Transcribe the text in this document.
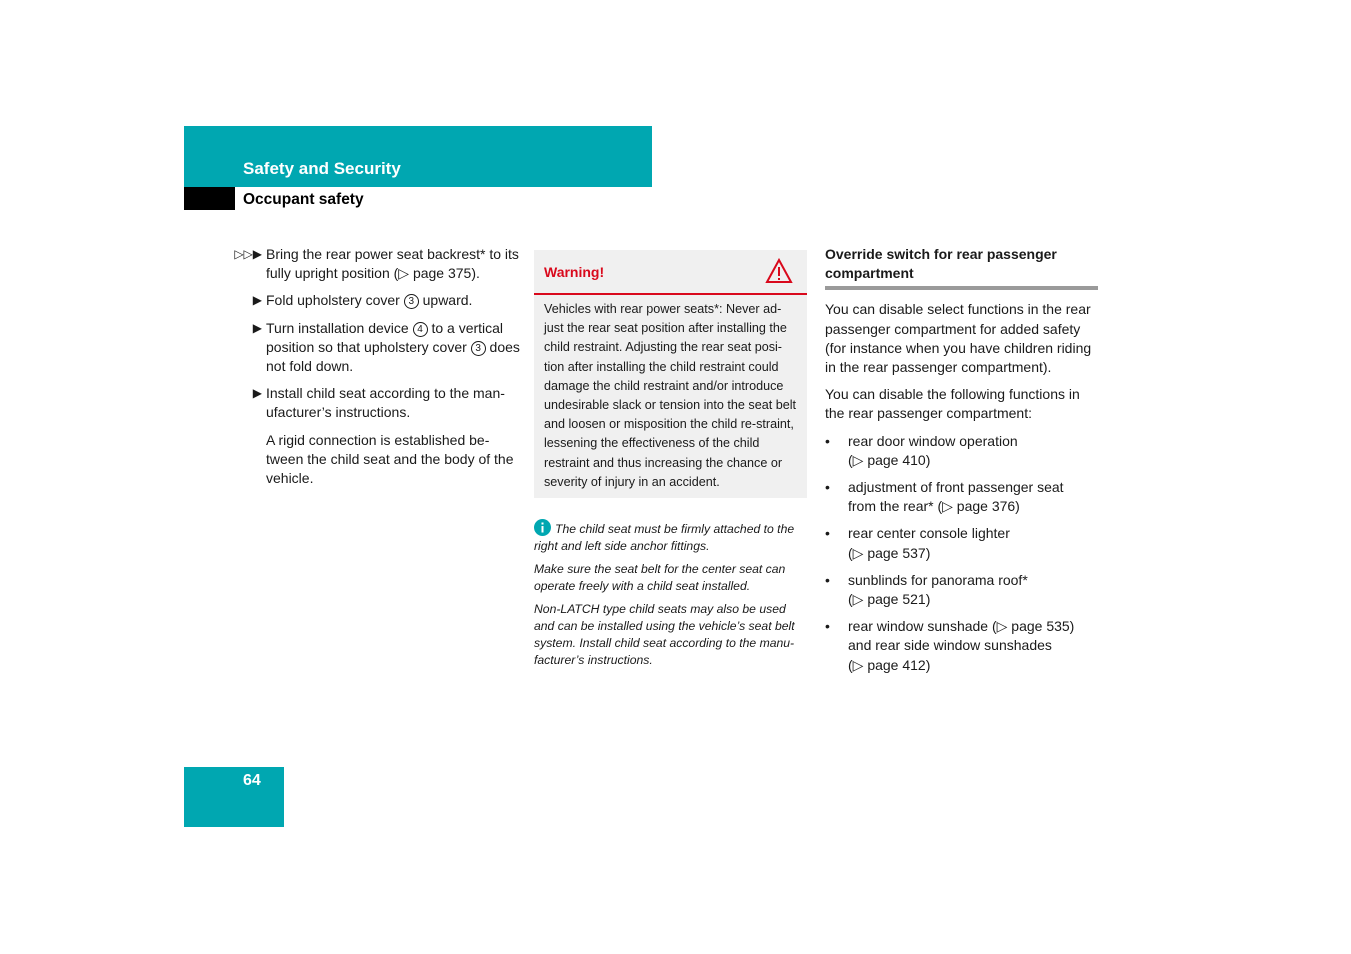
Safety and Security
Occupant safety
▷▷▶ Bring the rear power seat backrest* to its fully upright position (▷ page 375).
▶ Fold upholstery cover 3 upward.
▶ Turn installation device 4 to a vertical position so that upholstery cover 3 does not fold down.
▶ Install child seat according to the man-ufacturer’s instructions.
A rigid connection is established be-tween the child seat and the body of the vehicle.
Warning!
Vehicles with rear power seats*: Never ad-just the rear seat position after installing the child restraint. Adjusting the rear seat posi-tion after installing the child restraint could damage the child restraint and/or introduce undesirable slack or tension into the seat belt and loosen or misposition the child re-straint, lessening the effectiveness of the child restraint and thus increasing the chance or severity of injury in an accident.

The child seat must be firmly attached to the right and left side anchor fittings.

Make sure the seat belt for the center seat can operate freely with a child seat installed.

Non-LATCH type child seats may also be used and can be installed using the vehicle’s seat belt system. Install child seat according to the manu-facturer’s instructions.

Override switch for rear passenger compartment

You can disable select functions in the rear passenger compartment for added safety (for instance when you have children riding in the rear passenger compartment).

You can disable the following functions in the rear passenger compartment:

• rear door window operation
(▷ page 410)
• adjustment of front passenger seat
from the rear* (▷ page 376)
• rear center console lighter
(▷ page 537)
• sunblinds for panorama roof*
(▷ page 521)
• rear window sunshade (▷ page 535)
and rear side window sunshades
(▷ page 412)
64
